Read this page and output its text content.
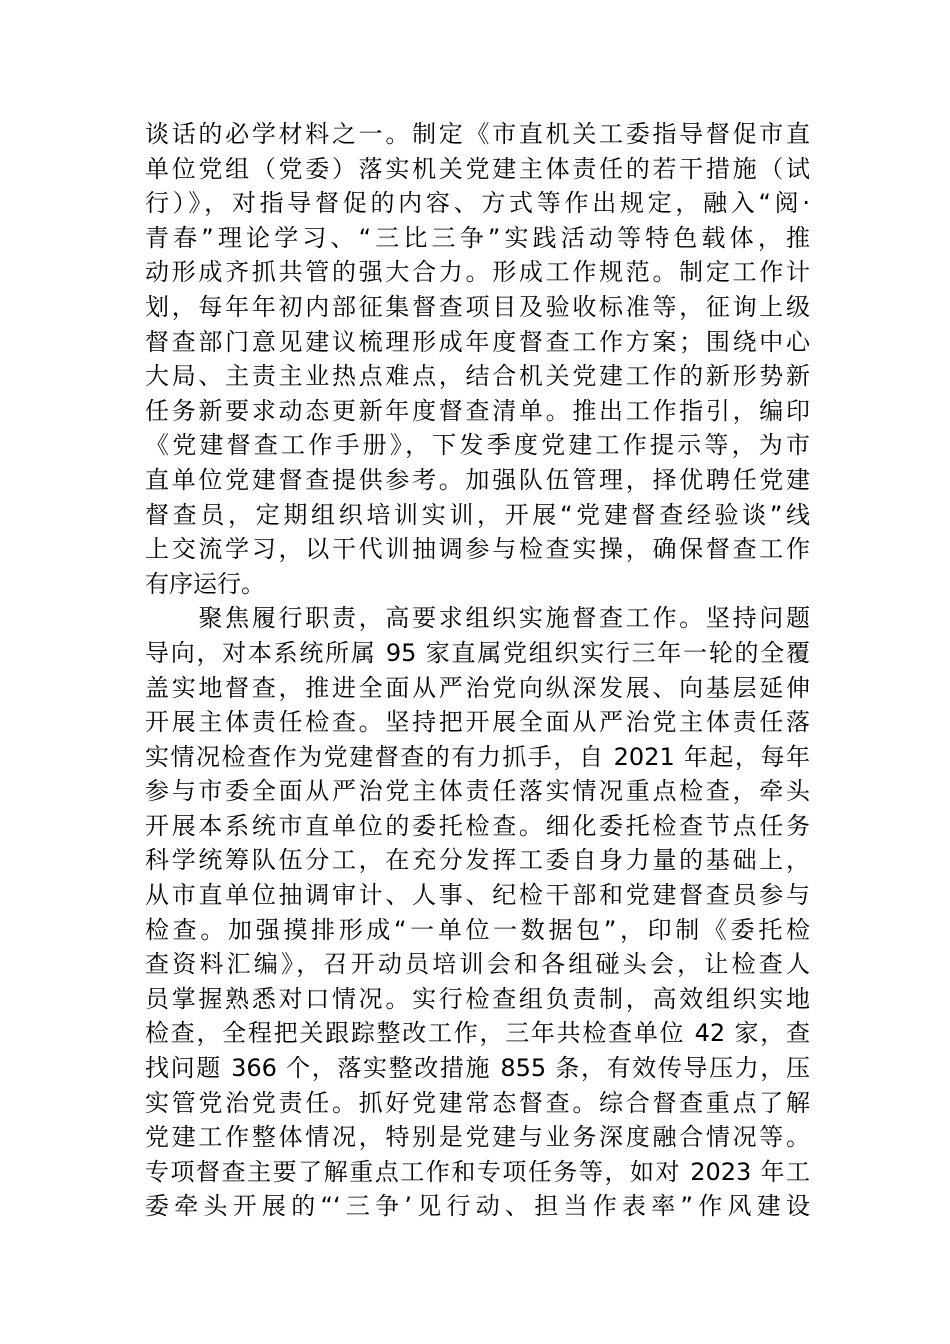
谈话的必学材料之一。制定《市直机关工委指导督促市直
单位党组（党委）落实机关党建主体责任的若干措施（试
行）》，对指导督促的内容、方式等作出规定，融入“阅·
青春”理论学习、“三比三争”实践活动等特色载体，推
动形成齐抓共管的强大合力。形成工作规范。制定工作计
划，每年年初内部征集督查项目及验收标准等，征询上级
督查部门意见建议梳理形成年度督查工作方案；围绕中心
大局、主责主业热点难点，结合机关党建工作的新形势新
任务新要求动态更新年度督查清单。推出工作指引，编印
《党建督查工作手册》，下发季度党建工作提示等，为市
直单位党建督查提供参考。加强队伍管理，择优聘任党建
督查员，定期组织培训实训，开展“党建督查经验谈”线
上交流学习，以干代训抽调参与检查实操，确保督查工作
有序运行。
　　聚焦履行职责，高要求组织实施督查工作。坚持问题
导向，对本系统所属 95 家直属党组织实行三年一轮的全覆
盖实地督查，推进全面从严治党向纵深发展、向基层延伸
开展主体责任检查。坚持把开展全面从严治党主体责任落
实情况检查作为党建督查的有力抓手，自 2021 年起，每年
参与市委全面从严治党主体责任落实情况重点检查，牵头
开展本系统市直单位的委托检查。细化委托检查节点任务
科学统筹队伍分工，在充分发挥工委自身力量的基础上，
从市直单位抽调审计、人事、纪检干部和党建督查员参与
检查。加强摸排形成“一单位一数据包”，印制《委托检
查资料汇编》，召开动员培训会和各组碰头会，让检查人
员掌握熟悉对口情况。实行检查组负责制，高效组织实地
检查，全程把关跟踪整改工作，三年共检查单位 42 家，查
找问题 366 个，落实整改措施 855 条，有效传导压力，压
实管党治党责任。抓好党建常态督查。综合督查重点了解
党建工作整体情况，特别是党建与业务深度融合情况等。
专项督查主要了解重点工作和专项任务等，如对 2023 年工
委牵头开展的“‘三争’见行动、担当作表率”作风建设
